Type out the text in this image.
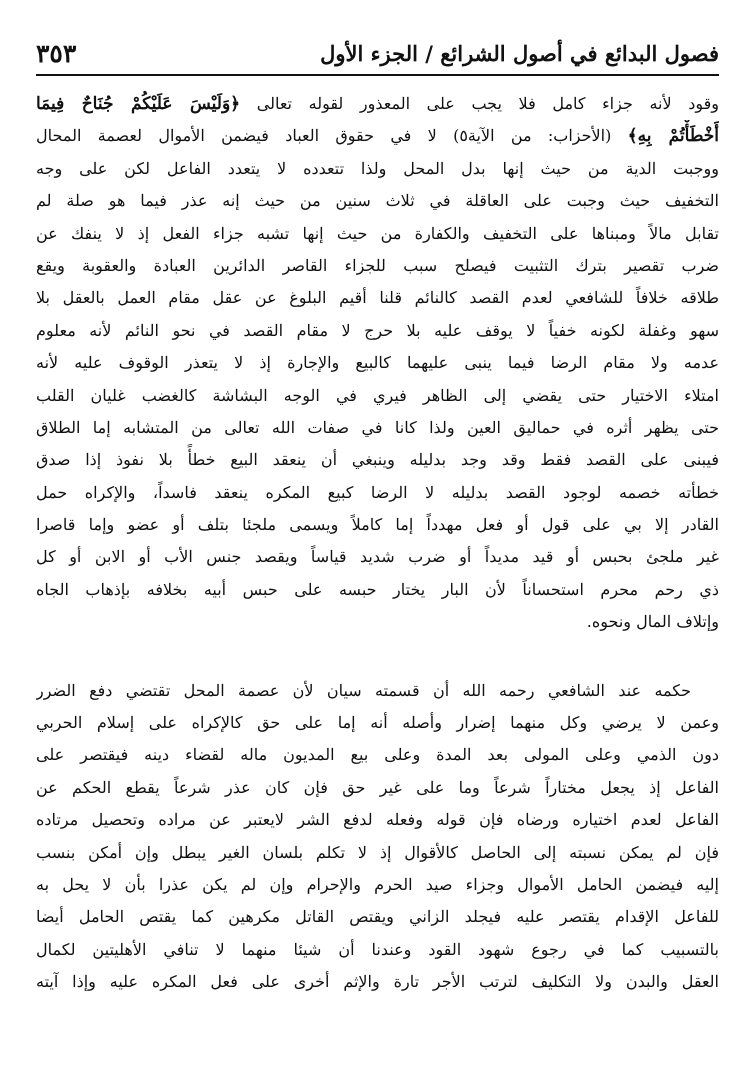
فصول البدائع في أصول الشرائع / الجزء الأول
٣٥٣
وقود لأنه جزاء كامل فلا يجب على المعذور لقوله تعالى ﴿وَلَيْسَ عَلَيْكُمْ جُنَاحٌ فِيمَا
أَخْطَأْتُمْ بِهِ﴾ (الأحزاب: من الآية٥) لا في حقوق العباد فيضمن الأموال لعصمة المحال
ووجبت الدية من حيث إنها بدل المحل ولذا تتعدده لا يتعدد الفاعل لكن على وجه
التخفيف حيث وجبت على العاقلة في ثلاث سنين من حيث إنه عذر فيما هو صلة لم
تقابل مالاً ومبناها على التخفيف والكفارة من حيث إنها تشبه جزاء الفعل إذ لا ينفك عن
ضرب تقصير بترك التثبيت فيصلح سبب للجزاء القاصر الدائرين العبادة والعقوبة ويقع
طلاقه خلافاً للشافعي لعدم القصد كالنائم قلنا أقيم البلوغ عن عقل مقام العمل بالعقل بلا
سهو وغفلة لكونه خفياً لا يوقف عليه بلا حرج لا مقام القصد في نحو النائم لأنه معلوم
عدمه ولا مقام الرضا فيما ينبى عليهما كالبيع والإجارة إذ لا يتعذر الوقوف عليه لأنه
امتلاء الاختيار حتى يقضي إلى الظاهر فيري في الوجه البشاشة كالغضب غليان القلب
حتى يظهر أثره في حماليق العين ولذا كانا في صفات الله تعالى من المتشابه إما الطلاق
فيبنى على القصد فقط وقد وجد بدليله وينبغي أن ينعقد البيع خطأً بلا نفوذ إذا صدق
خطأته خصمه لوجود القصد بدليله لا الرضا كبيع المكره ينعقد فاسداً، والإكراه حمل
القادر إلا بي على قول أو فعل مهدداً إما كاملاً ويسمى ملجئا بتلف أو عضو وإما قاصرا
غير ملجئ بحبس أو قيد مديداً أو ضرب شديد قياساً ويقصد جنس الأب أو الابن أو كل
ذي رحم محرم استحساناً لأن البار يختار حبسه على حبس أبيه بخلافه بإذهاب الجاه
وإتلاف المال ونحوه.
حكمه عند الشافعي رحمه الله أن قسمته سيان لأن عصمة المحل تقتضي دفع الضرر
وعمن لا يرضي وكل منهما إضرار وأصله أنه إما على حق كالإكراه على إسلام الحربي
دون الذمي وعلى المولى بعد المدة وعلى بيع المديون ماله لقضاء دينه فيقتصر على
الفاعل إذ يجعل مختاراً شرعاً وما على غير حق فإن كان عذر شرعاً يقطع الحكم عن
الفاعل لعدم اختياره ورضاه فإن قوله وفعله لدفع الشر لايعتبر عن مراده وتحصيل مرتاده
فإن لم يمكن نسبته إلى الحاصل كالأقوال إذ لا تكلم بلسان الغير يبطل وإن أمكن بنسب
إليه فيضمن الحامل الأموال وجزاء صيد الحرم والإحرام وإن لم يكن عذرا بأن لا يحل به
للفاعل الإقدام يقتصر عليه فيجلد الزاني ويقتص القاتل مكرهين كما يقتص الحامل أيضا
بالتسبيب كما في رجوع شهود القود وعندنا أن شيئا منهما لا تنافي الأهليتين لكمال
العقل والبدن ولا التكليف لترتب الأجر تارة والإثم أخرى على فعل المكره عليه وإذا آيته
